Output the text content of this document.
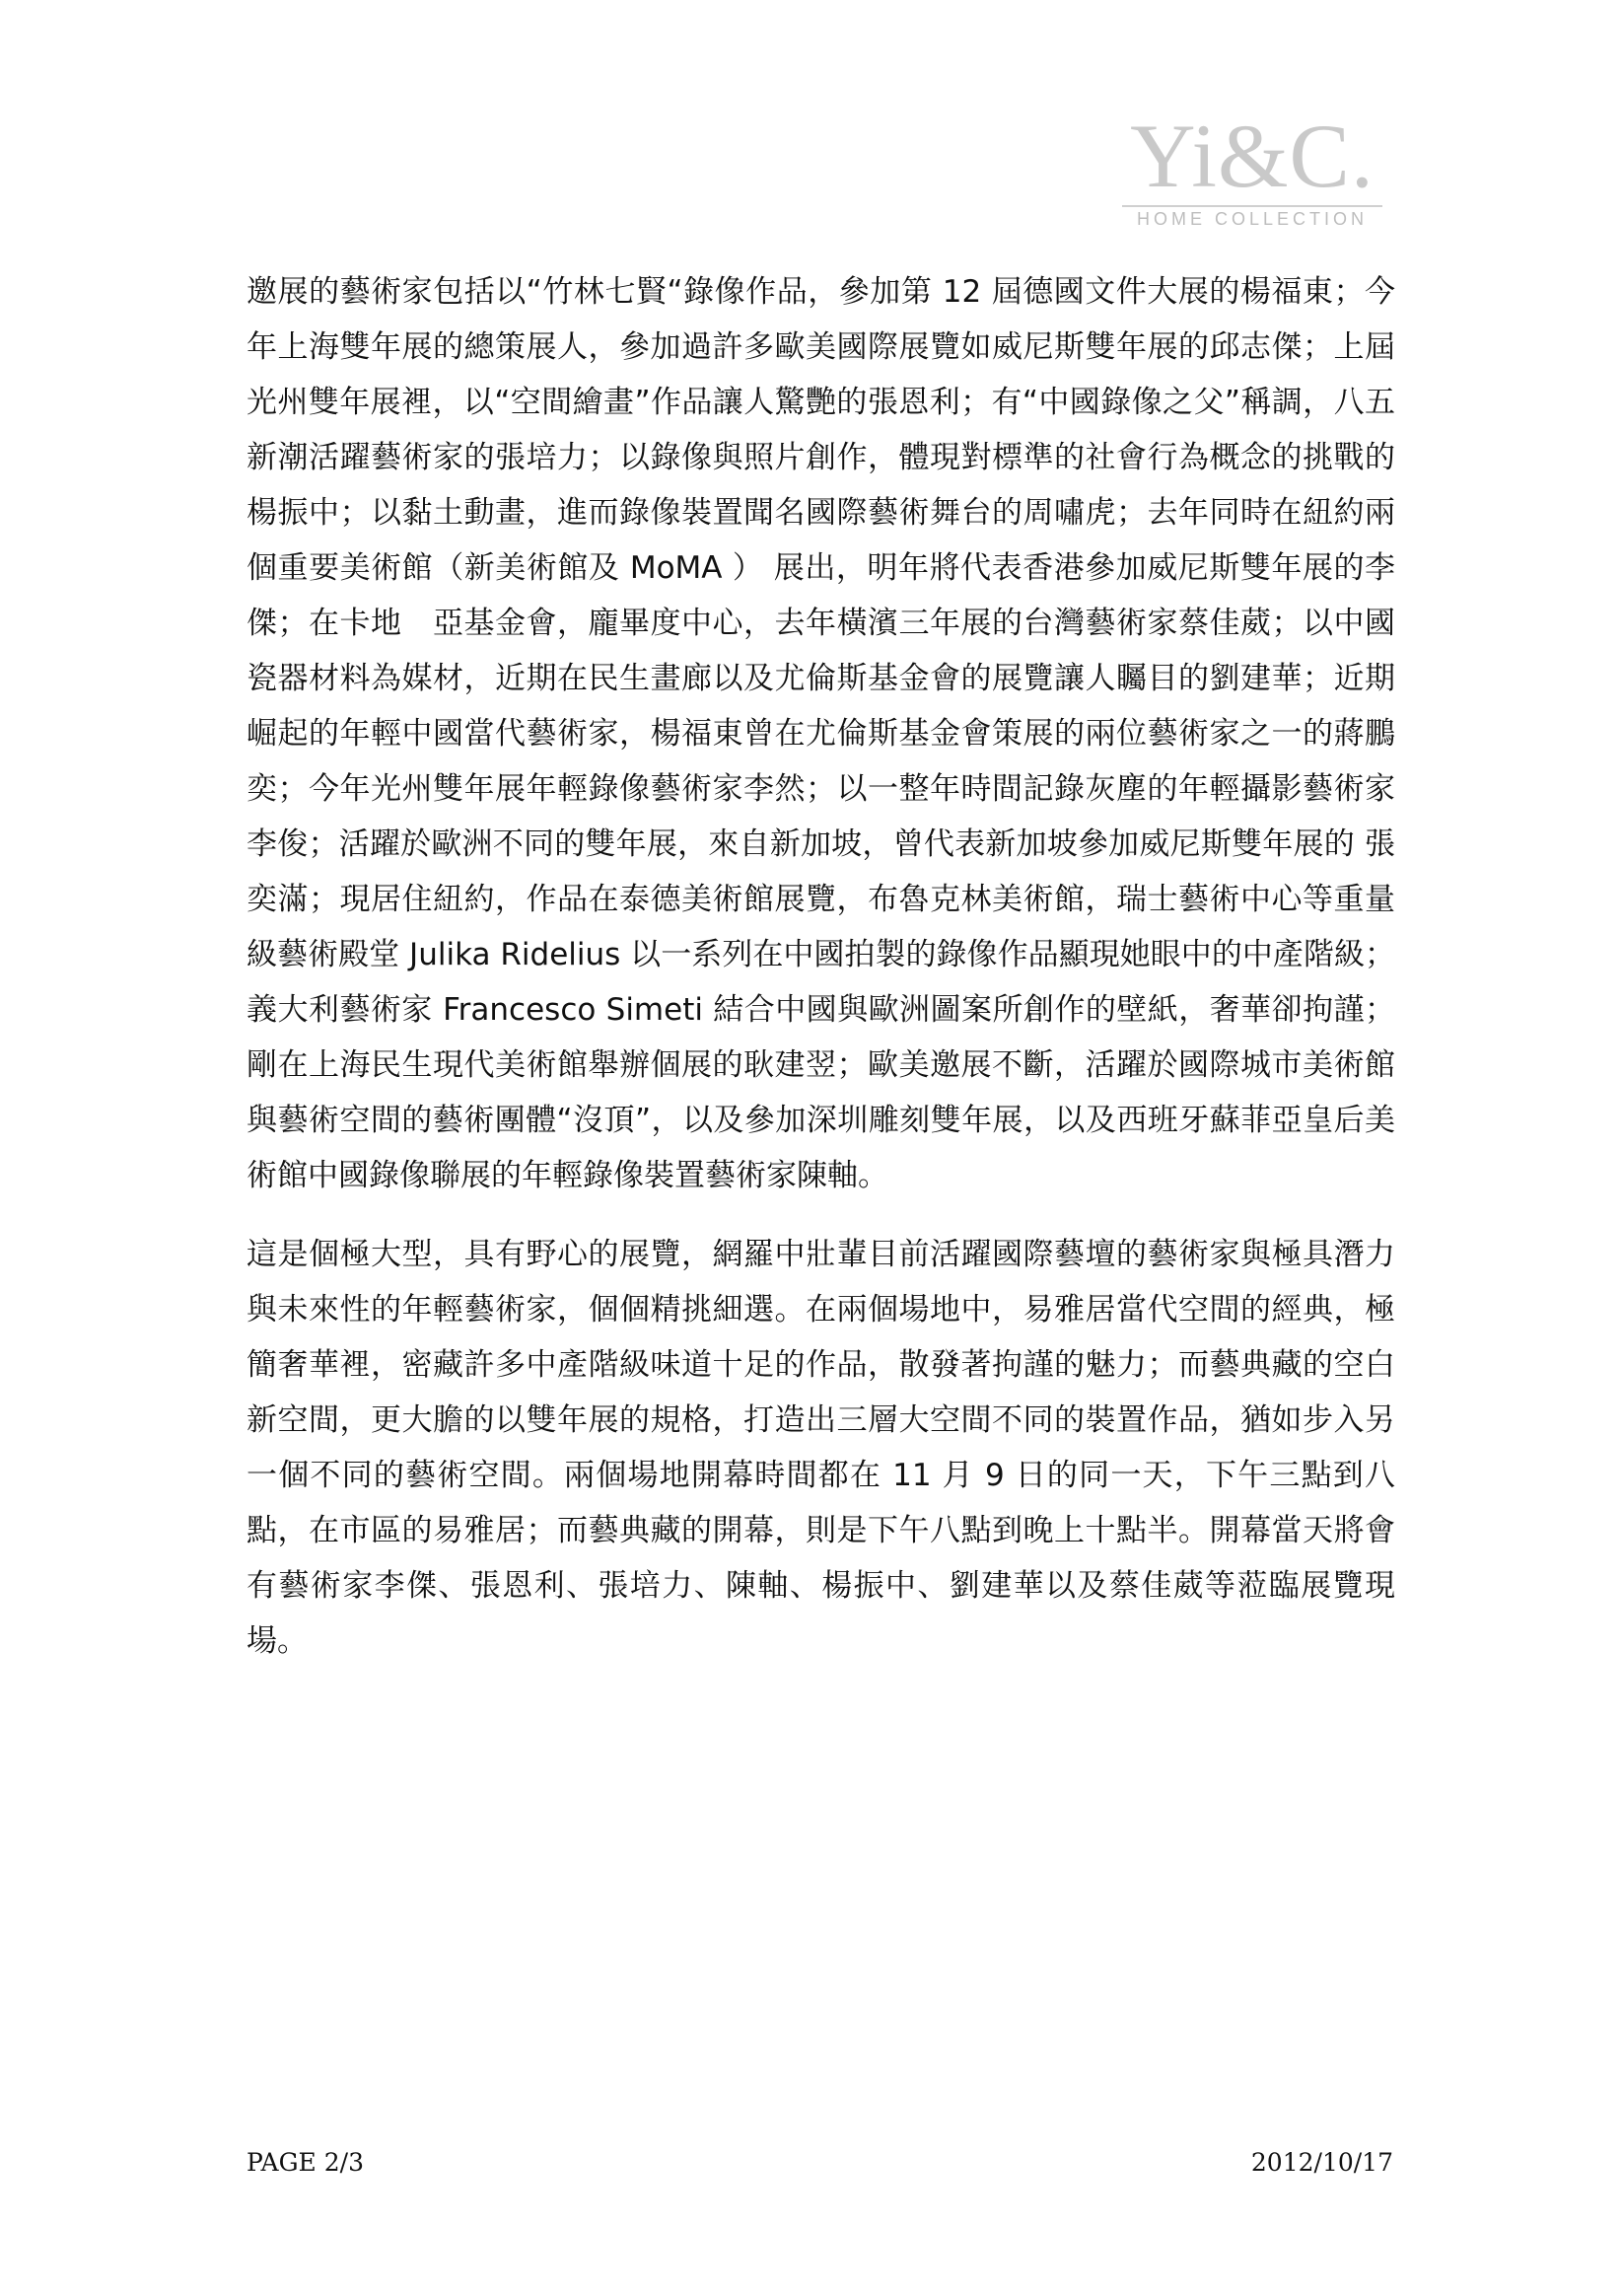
Yi&C.
HOME COLLECTION

邀展的藝術家包括以“竹林七賢“錄像作品，參加第 12 屆德國文件大展的楊福東；今年上海雙年展的總策展人，參加過許多歐美國際展覽如威尼斯雙年展的邱志傑；上屆光州雙年展裡，以“空間繪畫”作品讓人驚艷的張恩利；有“中國錄像之父”稱調，八五新潮活躍藝術家的張培力；以錄像與照片創作，體現對標準的社會行為概念的挑戰的楊振中；以黏土動畫，進而錄像裝置聞名國際藝術舞台的周嘯虎；去年同時在紐約兩個重要美術館（新美術館及 MoMA ） 展出，明年將代表香港參加威尼斯雙年展的李傑；在卡地　亞基金會，龐畢度中心，去年橫濱三年展的台灣藝術家蔡佳葳；以中國瓷器材料為媒材，近期在民生畫廊以及尤倫斯基金會的展覽讓人矚目的劉建華；近期崛起的年輕中國當代藝術家，楊福東曾在尤倫斯基金會策展的兩位藝術家之一的蔣鵬奕；今年光州雙年展年輕錄像藝術家李然；以一整年時間記錄灰塵的年輕攝影藝術家李俊；活躍於歐洲不同的雙年展，來自新加坡，曾代表新加坡參加威尼斯雙年展的 張奕滿；現居住紐約，作品在泰德美術館展覽，布魯克林美術館，瑞士藝術中心等重量級藝術殿堂 Julika Ridelius 以一系列在中國拍製的錄像作品顯現她眼中的中產階級；義大利藝術家 Francesco Simeti 結合中國與歐洲圖案所創作的壁紙，奢華卻拘謹；剛在上海民生現代美術館舉辦個展的耿建翌；歐美邀展不斷，活躍於國際城市美術館與藝術空間的藝術團體“沒頂”，以及參加深圳雕刻雙年展，以及西班牙蘇菲亞皇后美術館中國錄像聯展的年輕錄像裝置藝術家陳軸。

這是個極大型，具有野心的展覽，網羅中壯輩目前活躍國際藝壇的藝術家與極具潛力與未來性的年輕藝術家，個個精挑細選。在兩個場地中，易雅居當代空間的經典，極簡奢華裡，密藏許多中產階級味道十足的作品，散發著拘謹的魅力；而藝典藏的空白新空間，更大膽的以雙年展的規格，打造出三層大空間不同的裝置作品，猶如步入另一個不同的藝術空間。兩個場地開幕時間都在 11 月 9 日的同一天，下午三點到八點，在市區的易雅居；而藝典藏的開幕，則是下午八點到晚上十點半。開幕當天將會有藝術家李傑、張恩利、張培力、陳軸、楊振中、劉建華以及蔡佳葳等蒞臨展覽現場。

PAGE 2/3	2012/10/17
